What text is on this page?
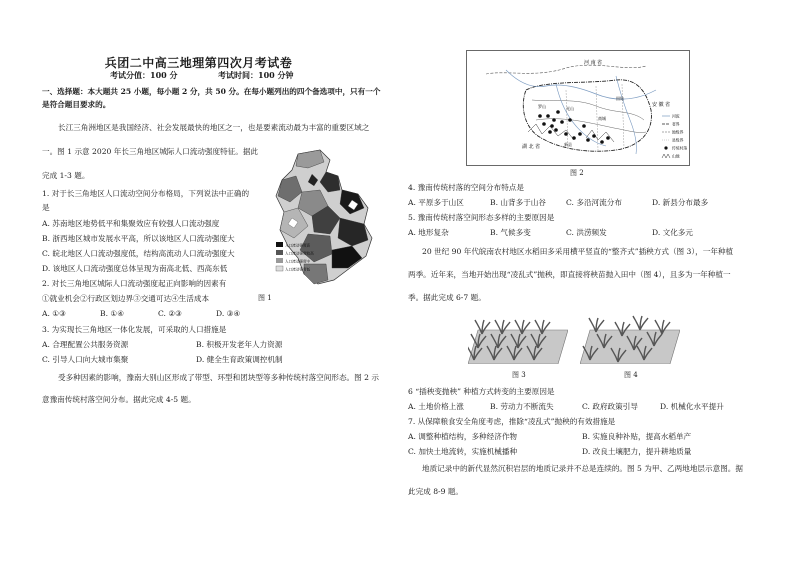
兵团二中高三地理第四次月考试卷
考试分值：100 分	考试时间：100 分钟
一、选择题：本大题共 25 小题，每小题 2 分，共 50 分。在每小题列出的四个备选项中，只有一个
是符合题目要求的。
长江三角洲地区是我国经济、社会发展最快的地区之一，也是要素流动最为丰富的重要区域之
一。图 1 示意 2020 年长三角地区城际人口流动强度特征。据此
完成 1-3 题。
1. 对于长三角地区人口流动空间分布格局，下列说法中正确的
是
A. 苏南地区地势低平和集聚效应有较强人口流动强度
B. 浙西地区城市发展水平高，所以该地区人口流动强度大
C. 皖北地区人口流动强度低，结构高流动人口流动强度大
D. 该地区人口流动强度总体呈现为南高北低、西高东低
2. 对长三角地区城际人口流动强度起正向影响的因素有
①就业机会②行政区划边界③交通可达④生活成本	图 1
A. ①③	B. ①④	C. ②③	D. ③④
3. 为实现长三角地区一体化发展，可采取的人口措施是
A. 合理配置公共服务资源	B. 积极开发老年人力资源
C. 引导人口向大城市集聚	D. 健全生育政策调控机制
受多种因素的影响，豫南大别山区形成了带型、环型和团块型等多种传统村落空间形态。图 2 示
意豫南传统村落空间分布。据此完成 4-5 题。
人口流动强度高
人口流动强度较高
人口流动强度中
人口流动强度低
河 南 省
安 徽 省
湖 北 省
罗山	光山
新县
商城
固始
河流
省界
地级界
县级界
传统村落
山地
图 2
4. 豫南传统村落的空间分布特点是
A. 平原多于山区	B. 山背多于山谷	C. 多沿河流分布	D. 新县分布最多
5. 豫南传统村落空间形态多样的主要原因是
A. 地形复杂	B. 气候多变	C. 洪涝频发	D. 文化多元
20 世纪 90 年代皖南农村地区水稻田多采用横平竖直的“整齐式”插秧方式（图 3），一年种植
两季。近年来，当地开始出现“凌乱式”抛秧，即直接将秧苗抛入田中（图 4），且多为一年种植一
季。据此完成 6-7 题。
图 3	图 4
6 “插秧变抛秧” 种植方式转变的主要原因是
A. 土地价格上涨	B. 劳动力不断流失	C. 政府政策引导	D. 机械化水平提升
7. 从保障粮食安全角度考虑，推除“凌乱式”抛秧的有效措施是
A. 调整种植结构，多种经济作物	B. 实施良种补贴，提高水稻单产
C. 加快土地流转，实施机械播种	D. 改良土壤肥力，提升耕地质量
地质记录中的新代显然沉积岩层的地质记录并不总是连续的。图 5 为甲、乙两地地层示意图。据
此完成 8-9 题。
